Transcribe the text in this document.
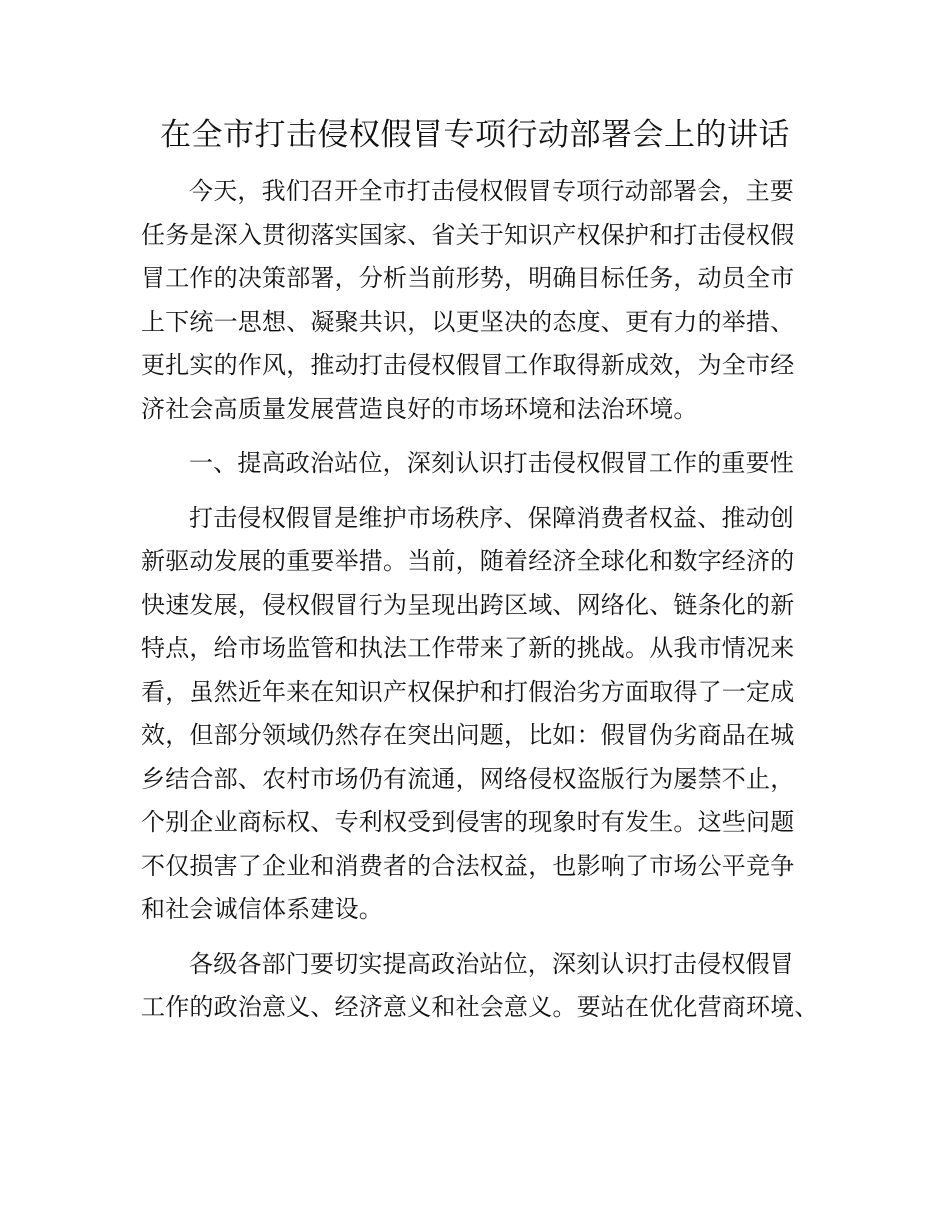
在全市打击侵权假冒专项行动部署会上的讲话

今天，我们召开全市打击侵权假冒专项行动部署会，主要
任务是深入贯彻落实国家、省关于知识产权保护和打击侵权假
冒工作的决策部署，分析当前形势，明确目标任务，动员全市
上下统一思想、凝聚共识，以更坚决的态度、更有力的举措、
更扎实的作风，推动打击侵权假冒工作取得新成效，为全市经
济社会高质量发展营造良好的市场环境和法治环境。

一、提高政治站位，深刻认识打击侵权假冒工作的重要性

打击侵权假冒是维护市场秩序、保障消费者权益、推动创
新驱动发展的重要举措。当前，随着经济全球化和数字经济的
快速发展，侵权假冒行为呈现出跨区域、网络化、链条化的新
特点，给市场监管和执法工作带来了新的挑战。从我市情况来
看，虽然近年来在知识产权保护和打假治劣方面取得了一定成
效，但部分领域仍然存在突出问题，比如：假冒伪劣商品在城
乡结合部、农村市场仍有流通，网络侵权盗版行为屡禁不止，
个别企业商标权、专利权受到侵害的现象时有发生。这些问题
不仅损害了企业和消费者的合法权益，也影响了市场公平竞争
和社会诚信体系建设。

各级各部门要切实提高政治站位，深刻认识打击侵权假冒
工作的政治意义、经济意义和社会意义。要站在优化营商环境、
